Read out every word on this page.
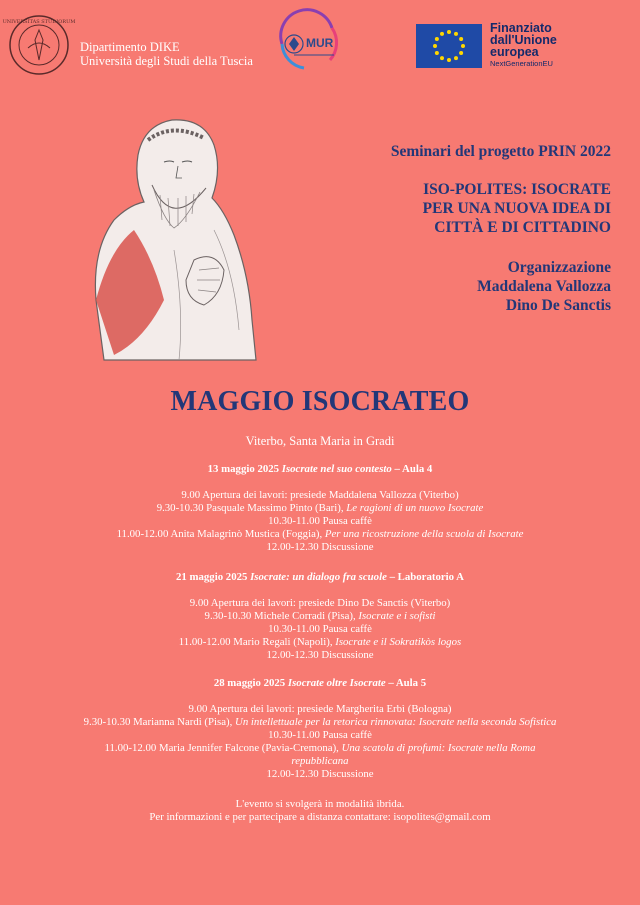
UNIVERSITAS STUDIORUM
Dipartimento DIKE
Università degli Studi della Tuscia
MUR
Finanziato
dall'Unione
europea
NextGenerationEU
Seminari del progetto PRIN 2022
ISO-POLITES: ISOCRATE
PER UNA NUOVA IDEA DI
CITTÀ E DI CITTADINO
Organizzazione
Maddalena Vallozza
Dino De Sanctis
MAGGIO ISOCRATEO
Viterbo, Santa Maria in Gradi
13 maggio 2025 Isocrate nel suo contesto – Aula 4
9.00 Apertura dei lavori: presiede Maddalena Vallozza (Viterbo)
9.30-10.30 Pasquale Massimo Pinto (Bari), Le ragioni di un nuovo Isocrate
10.30-11.00 Pausa caffè
11.00-12.00 Anita Malagrinò Mustica (Foggia), Per una ricostruzione della scuola di Isocrate
12.00-12.30 Discussione
21 maggio 2025 Isocrate: un dialogo fra scuole – Laboratorio A
9.00 Apertura dei lavori: presiede Dino De Sanctis (Viterbo)
9.30-10.30 Michele Corradi (Pisa), Isocrate e i sofisti
10.30-11.00 Pausa caffè
11.00-12.00 Mario Regali (Napoli), Isocrate e il Sokratikòs logos
12.00-12.30 Discussione
28 maggio 2025 Isocrate oltre Isocrate – Aula 5
9.00 Apertura dei lavori: presiede Margherita Erbì (Bologna)
9.30-10.30 Marianna Nardi (Pisa), Un intellettuale per la retorica rinnovata: Isocrate nella seconda Sofistica
10.30-11.00 Pausa caffè
11.00-12.00 Maria Jennifer Falcone (Pavia-Cremona), Una scatola di profumi: Isocrate nella Roma
repubblicana
12.00-12.30 Discussione
L'evento si svolgerà in modalità ibrida.
Per informazioni e per partecipare a distanza contattare: isopolites@gmail.com
